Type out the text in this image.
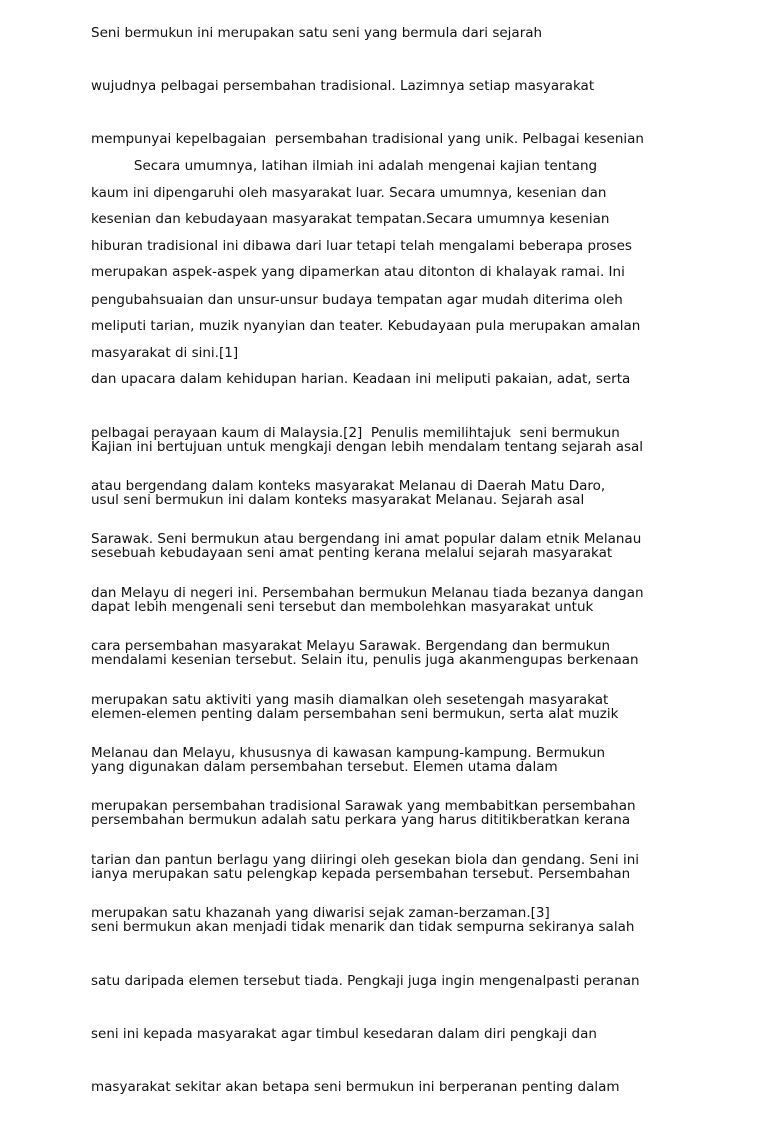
Seni bermukun ini merupakan satu seni yang bermula dari sejarah

wujudnya pelbagai persembahan tradisional. Lazimnya setiap masyarakat

mempunyai kepelbagaian  persembahan tradisional yang unik. Pelbagai kesenian

kaum ini dipengaruhi oleh masyarakat luar. Secara umumnya, kesenian dan

hiburan tradisional ini dibawa dari luar tetapi telah mengalami beberapa proses

pengubahsuaian dan unsur-unsur budaya tempatan agar mudah diterima oleh

masyarakat di sini.[1]

Secara umumnya, latihan ilmiah ini adalah mengenai kajian tentang

kesenian dan kebudayaan masyarakat tempatan.Secara umumnya kesenian

merupakan aspek-aspek yang dipamerkan atau ditonton di khalayak ramai. Ini

meliputi tarian, muzik nyanyian dan teater. Kebudayaan pula merupakan amalan

dan upacara dalam kehidupan harian. Keadaan ini meliputi pakaian, adat, serta

pelbagai perayaan kaum di Malaysia.[2]  Penulis memilihtajuk  seni bermukun

atau bergendang dalam konteks masyarakat Melanau di Daerah Matu Daro,

Sarawak. Seni bermukun atau bergendang ini amat popular dalam etnik Melanau

dan Melayu di negeri ini. Persembahan bermukun Melanau tiada bezanya dangan

cara persembahan masyarakat Melayu Sarawak. Bergendang dan bermukun

merupakan satu aktiviti yang masih diamalkan oleh sesetengah masyarakat

Melanau dan Melayu, khususnya di kawasan kampung-kampung. Bermukun

merupakan persembahan tradisional Sarawak yang membabitkan persembahan

tarian dan pantun berlagu yang diiringi oleh gesekan biola dan gendang. Seni ini

merupakan satu khazanah yang diwarisi sejak zaman-berzaman.[3]

Kajian ini bertujuan untuk mengkaji dengan lebih mendalam tentang sejarah asal

usul seni bermukun ini dalam konteks masyarakat Melanau. Sejarah asal

sesebuah kebudayaan seni amat penting kerana melalui sejarah masyarakat

dapat lebih mengenali seni tersebut dan membolehkan masyarakat untuk

mendalami kesenian tersebut. Selain itu, penulis juga akanmengupas berkenaan

elemen-elemen penting dalam persembahan seni bermukun, serta alat muzik

yang digunakan dalam persembahan tersebut. Elemen utama dalam

persembahan bermukun adalah satu perkara yang harus dititikberatkan kerana

ianya merupakan satu pelengkap kepada persembahan tersebut. Persembahan

seni bermukun akan menjadi tidak menarik dan tidak sempurna sekiranya salah

satu daripada elemen tersebut tiada. Pengkaji juga ingin mengenalpasti peranan

seni ini kepada masyarakat agar timbul kesedaran dalam diri pengkaji dan

masyarakat sekitar akan betapa seni bermukun ini berperanan penting dalam
